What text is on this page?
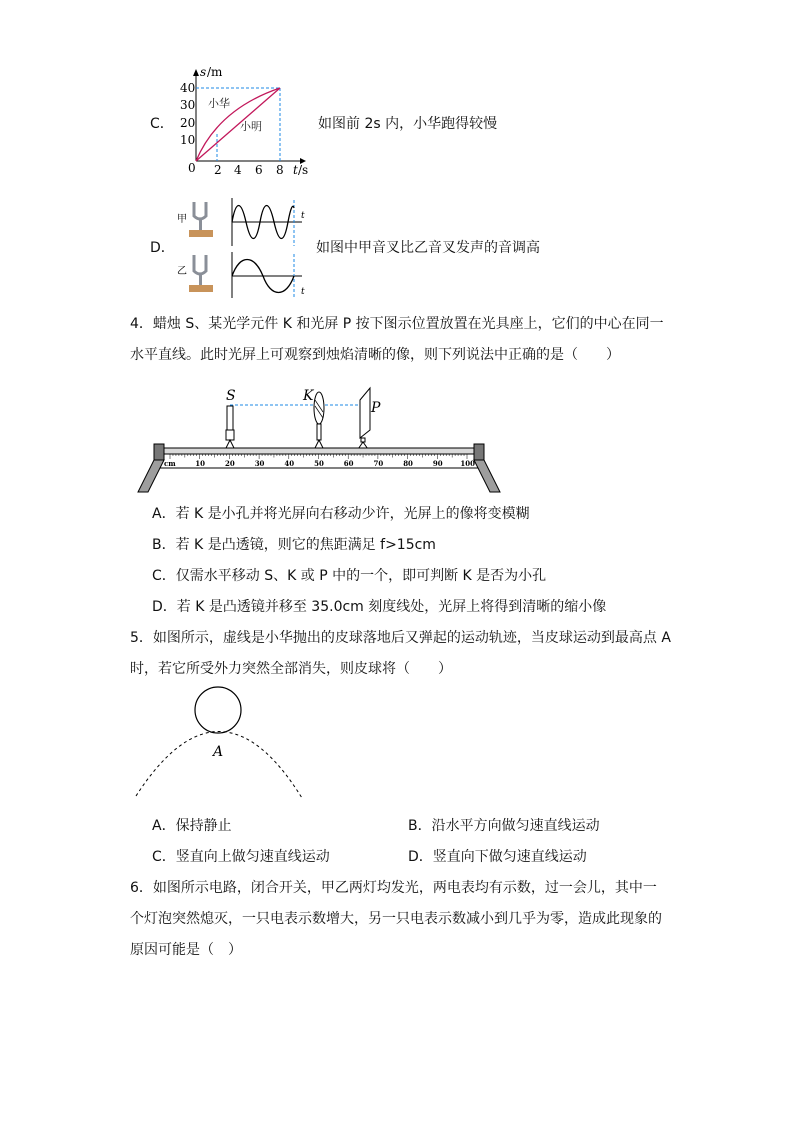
C．
s /m
t /s
0
10
20
30
40
2 4 6 8
小华
小明	如图前 2s 内，小华跑得较慢
D．
甲
乙
t
t
如图中甲音叉比乙音叉发声的音调高
4．蜡烛 S、某光学元件 K 和光屏 P 按下图示位置放置在光具座上，它们的中心在同一
水平直线。此时光屏上可观察到烛焰清晰的像，则下列说法中正确的是（　　）
S	K
P
cm	10	20	30	40	50	60	70	80	90	100
A．若 K 是小孔并将光屏向右移动少许，光屏上的像将变模糊
B．若 K 是凸透镜，则它的焦距满足 f>15cm
C．仅需水平移动 S、K 或 P 中的一个，即可判断 K 是否为小孔
D．若 K 是凸透镜并移至 35.0cm 刻度线处，光屏上将得到清晰的缩小像
5．如图所示，虚线是小华抛出的皮球落地后又弹起的运动轨迹，当皮球运动到最高点 A
时，若它所受外力突然全部消失，则皮球将（　　）
A
A．保持静止	B．沿水平方向做匀速直线运动
C．竖直向上做匀速直线运动	D．竖直向下做匀速直线运动
6．如图所示电路，闭合开关，甲乙两灯均发光，两电表均有示数，过一会儿，其中一
个灯泡突然熄灭，一只电表示数增大，另一只电表示数减小到几乎为零，造成此现象的
原因可能是（　）
